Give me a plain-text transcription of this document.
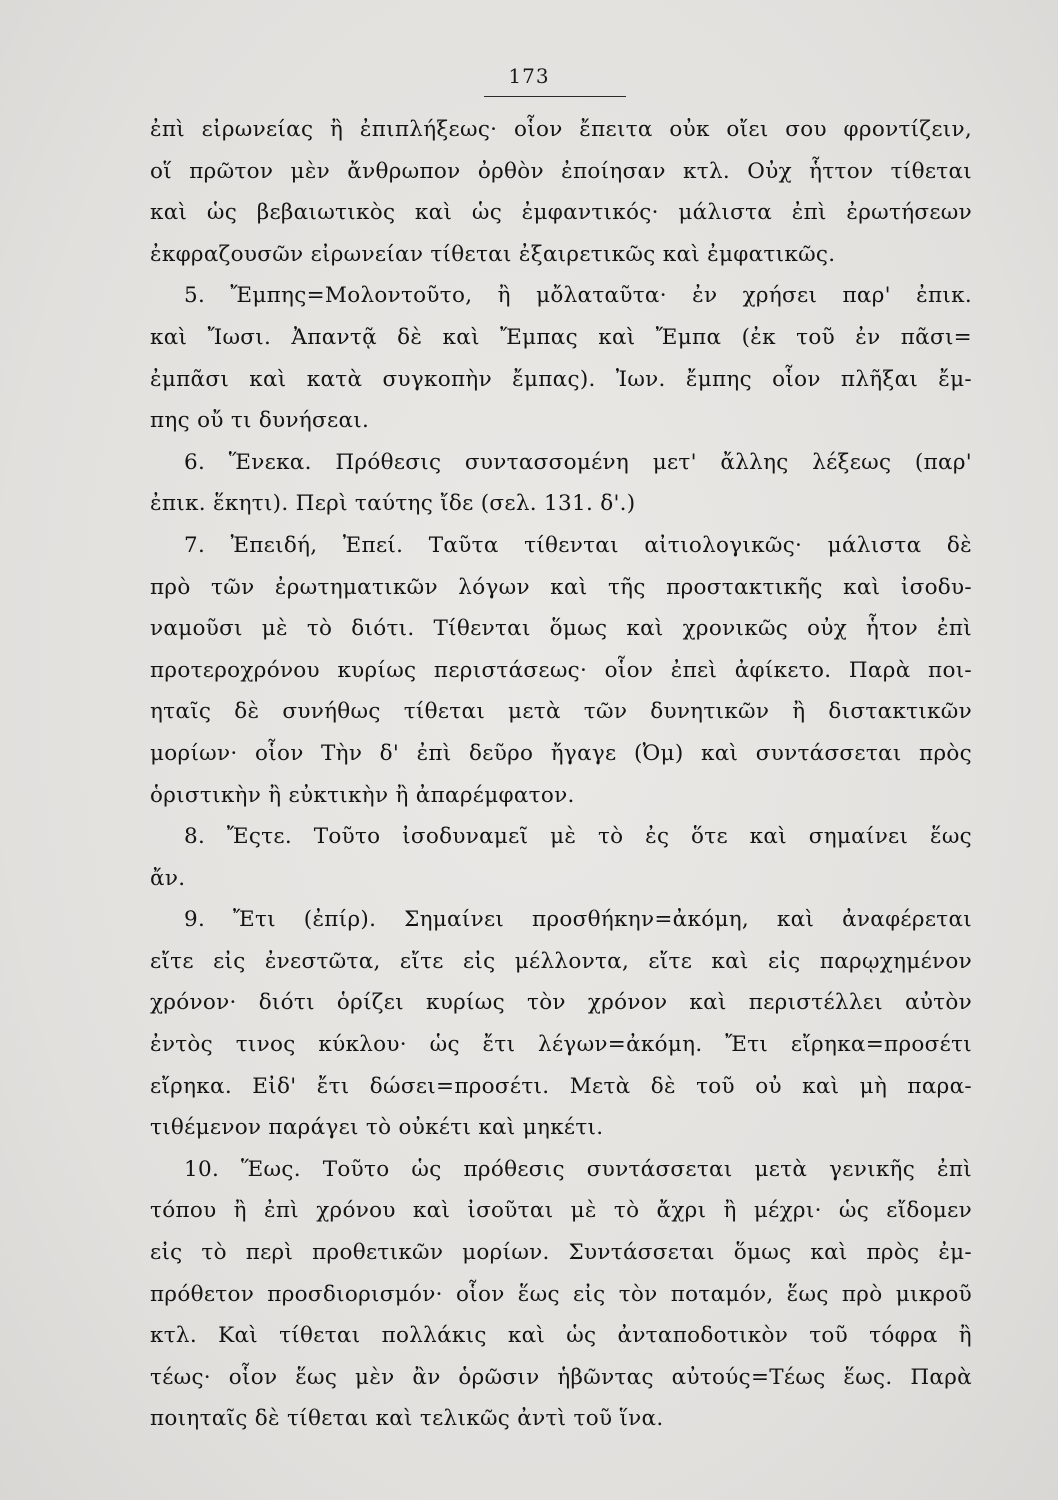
173
ἐπὶ εἰρωνείας ἢ ἐπιπλήξεως· οἷον ἔπειτα οὐκ οἴει σου φροντίζειν,
οἵ πρῶτον μὲν ἄνθρωπον ὀρθὸν ἐποίησαν κτλ. Οὐχ ἧττον τίθεται
καὶ ὡς βεβαιωτικὸς καὶ ὡς ἐμφαντικός· μάλιστα ἐπὶ ἐρωτήσεων
ἐκφραζουσῶν εἰρωνείαν τίθεται ἐξαιρετικῶς καὶ ἐμφατικῶς.
5. Ἔμπης=Μολοντοῦτο, ἢ μὄλαταῦτα· ἐν χρήσει παρ' ἐπικ.
καὶ Ἴωσι. Ἀπαντᾷ δὲ καὶ Ἔμπας καὶ Ἔμπα (ἐκ τοῦ ἐν πᾶσι=
ἐμπᾶσι καὶ κατὰ συγκοπὴν ἔμπας). Ἰων. ἔμπης οἷον πλῆξαι ἔμ-
πης οὔ τι δυνήσεαι.
6. Ἕνεκα. Πρόθεσις συντασσομένη μετ' ἄλλης λέξεως (παρ'
ἐπικ. ἕκητι). Περὶ ταύτης ἴδε (σελ. 131. δ'.)
7. Ἐπειδή, Ἐπεί. Ταῦτα τίθενται αἰτιολογικῶς· μάλιστα δὲ
πρὸ τῶν ἐρωτηματικῶν λόγων καὶ τῆς προστακτικῆς καὶ ἰσοδυ-
ναμοῦσι μὲ τὸ διότι. Τίθενται ὅμως καὶ χρονικῶς οὐχ ἧτον ἐπὶ
προτεροχρόνου κυρίως περιστάσεως· οἷον ἐπεὶ ἀφίκετο. Παρὰ ποι-
ηταῖς δὲ συνήθως τίθεται μετὰ τῶν δυνητικῶν ἢ διστακτικῶν
μορίων· οἷον Τὴν δ' ἐπὶ δεῦρο ἤγαγε (Ὀμ) καὶ συντάσσεται πρὸς
ὁριστικὴν ἢ εὐκτικὴν ἢ ἀπαρέμφατον.
8. Ἔςτε. Τοῦτο ἰσοδυναμεῖ μὲ τὸ ἐς ὅτε καὶ σημαίνει ἕως
ἄν.
9. Ἔτι (ἐπίρ). Σημαίνει προσθήκην=ἀκόμη, καὶ ἀναφέρεται
εἴτε εἰς ἐνεστῶτα, εἴτε εἰς μέλλοντα, εἴτε καὶ εἰς παρῳχημένον
χρόνον· διότι ὁρίζει κυρίως τὸν χρόνον καὶ περιστέλλει αὐτὸν
ἐντὸς τινος κύκλου· ὡς ἔτι λέγων=ἀκόμη. Ἔτι εἴρηκα=προσέτι
εἴρηκα. Εἰδ' ἔτι δώσει=προσέτι. Μετὰ δὲ τοῦ οὐ καὶ μὴ παρα-
τιθέμενον παράγει τὸ οὐκέτι καὶ μηκέτι.
10. Ἕως. Τοῦτο ὡς πρόθεσις συντάσσεται μετὰ γενικῆς ἐπὶ
τόπου ἢ ἐπὶ χρόνου καὶ ἰσοῦται μὲ τὸ ἄχρι ἢ μέχρι· ὡς εἴδομεν
εἰς τὸ περὶ προθετικῶν μορίων. Συντάσσεται ὅμως καὶ πρὸς ἐμ-
πρόθετον προσδιορισμόν· οἷον ἕως εἰς τὸν ποταμόν, ἕως πρὸ μικροῦ
κτλ. Καὶ τίθεται πολλάκις καὶ ὡς ἀνταποδοτικὸν τοῦ τόφρα ἢ
τέως· οἷον ἕως μὲν ἂν ὁρῶσιν ἡβῶντας αὐτούς=Τέως ἕως. Παρὰ
ποιηταῖς δὲ τίθεται καὶ τελικῶς ἀντὶ τοῦ ἵνα.
